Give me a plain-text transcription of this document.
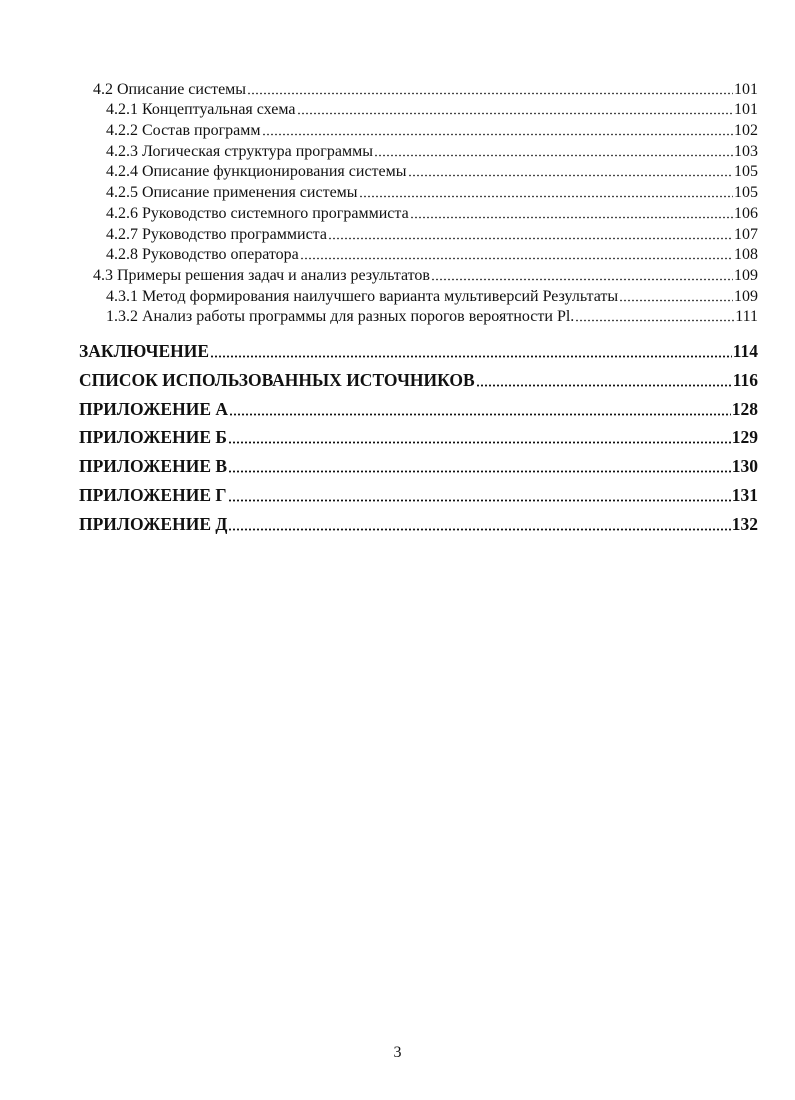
4.2 Описание системы	101
4.2.1 Концептуальная схема	101
4.2.2 Состав программ	102
4.2.3 Логическая структура программы	103
4.2.4 Описание функционирования системы	105
4.2.5 Описание применения системы	105
4.2.6 Руководство системного программиста	106
4.2.7 Руководство программиста	107
4.2.8 Руководство оператора	108
4.3 Примеры решения задач и анализ результатов	109
4.3.1 Метод формирования наилучшего варианта мультиверсий Результаты	109
1.3.2 Анализ работы программы для разных порогов вероятности Pl.	111
ЗАКЛЮЧЕНИЕ	114
СПИСОК ИСПОЛЬЗОВАННЫХ ИСТОЧНИКОВ	116
ПРИЛОЖЕНИЕ А	128
ПРИЛОЖЕНИЕ Б	129
ПРИЛОЖЕНИЕ В	130
ПРИЛОЖЕНИЕ Г	131
ПРИЛОЖЕНИЕ Д	132
3
